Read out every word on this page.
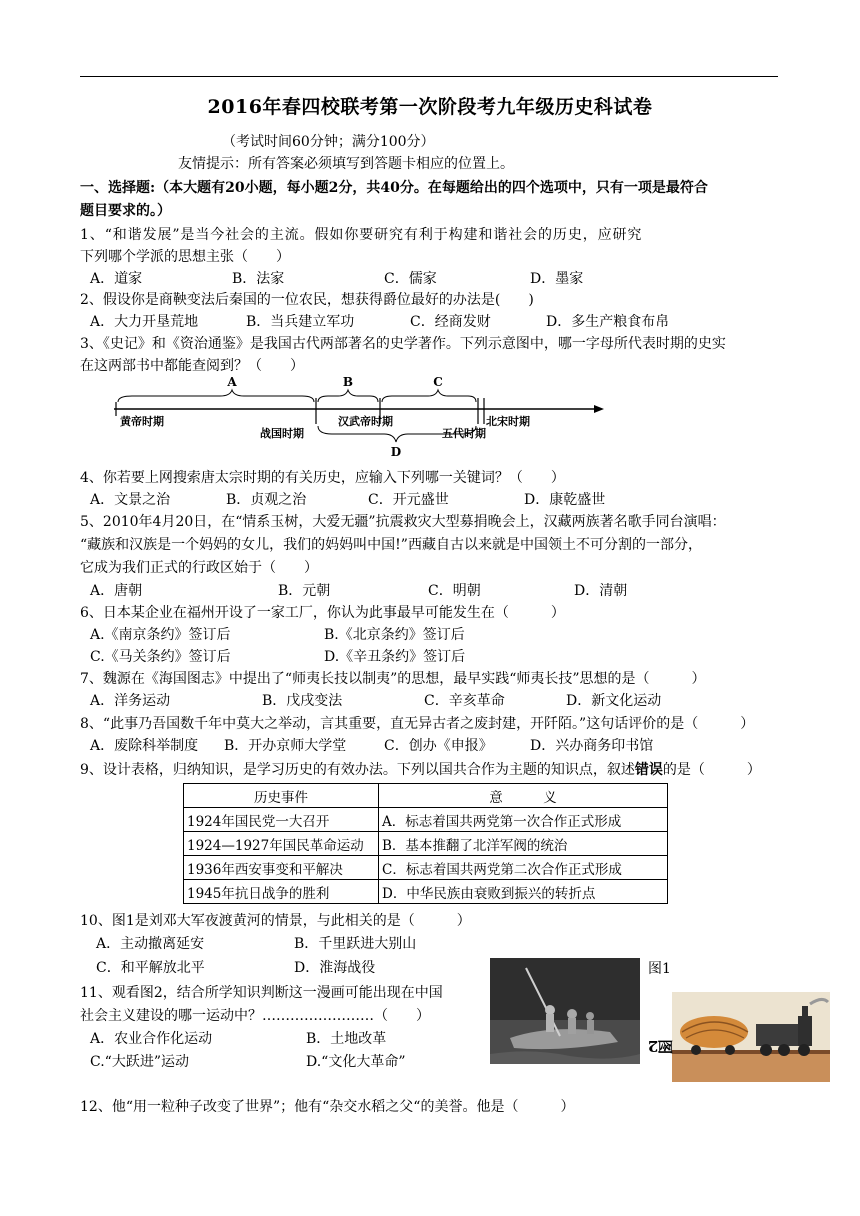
2016年春四校联考第一次阶段考九年级历史科试卷
（考试时间60分钟；满分100分）
友情提示：所有答案必须填写到答题卡相应的位置上。
一、选择题:（本大题有20小题，每小题2分，共40分。在每题给出的四个选项中，只有一项是最符合
题目要求的。）
1、“和谐发展”是当今社会的主流。假如你要研究有利于构建和谐社会的历史，应研究
下列哪个学派的思想主张（　　）
A．道家	B．法家	C．儒家	D．墨家
2、假设你是商鞅变法后秦国的一位农民，想获得爵位最好的办法是(　　)
A．大力开垦荒地	B．当兵建立军功	C．经商发财	D．多生产粮食布帛
3、《史记》和《资治通鉴》是我国古代两部著名的史学著作。下列示意图中，哪一字母所代表时期的史实
在这两部书中都能查阅到？（　　）
A	B	C
D
黄帝时期
战国时期
汉武帝时期
五代时期
北宋时期
4、你若要上网搜索唐太宗时期的有关历史，应输入下列哪一关键词？（　　）
A．文景之治	B．贞观之治	C．开元盛世	D．康乾盛世
5、2010年4月20日，在“情系玉树，大爱无疆”抗震救灾大型募捐晚会上，汉藏两族著名歌手同台演唱：
“藏族和汉族是一个妈妈的女儿，我们的妈妈叫中国!”西藏自古以来就是中国领土不可分割的一部分，
它成为我们正式的行政区始于（　　）
A．唐朝	B．元朝	C．明朝	D．清朝
6、日本某企业在福州开设了一家工厂，你认为此事最早可能发生在（　　　）
A.《南京条约》签订后	B.《北京条约》签订后
C.《马关条约》签订后	D.《辛丑条约》签订后
7、魏源在《海国图志》中提出了“师夷长技以制夷”的思想，最早实践“师夷长技”思想的是（　　　）
A．洋务运动	B．戊戌变法	C．辛亥革命	D．新文化运动
8、“此事乃吾国数千年中莫大之举动，言其重要，直无异古者之废封建，开阡陌。”这句话评价的是（　　　）
A．废除科举制度 B．开办京师大学堂	C．创办《申报》	D．兴办商务印书馆
9、设计表格，归纳知识，是学习历史的有效办法。下列以国共合作为主题的知识点，叙述错误的是（　　　）
历史事件	意　　　义
1924年国民党一大召开	A．标志着国共两党第一次合作正式形成
1924—1927年国民革命运动	B．基本推翻了北洋军阀的统治
1936年西安事变和平解决	C．标志着国共两党第二次合作正式形成
1945年抗日战争的胜利	D．中华民族由衰败到振兴的转折点
10、图1是刘邓大军夜渡黄河的情景，与此相关的是（　　　）
A．主动撤离延安	B．千里跃进大别山
C．和平解放北平	D．淮海战役	图1
11、观看图2，结合所学知识判断这一漫画可能出现在中国
社会主义建设的哪一运动中？……………………（　　）
A．农业合作化运动	B．土地改革
C.“大跃进”运动	D.“文化大革命”
图2
12、他“用一粒种子改变了世界”；他有“杂交水稻之父“的美誉。他是（　　　）
